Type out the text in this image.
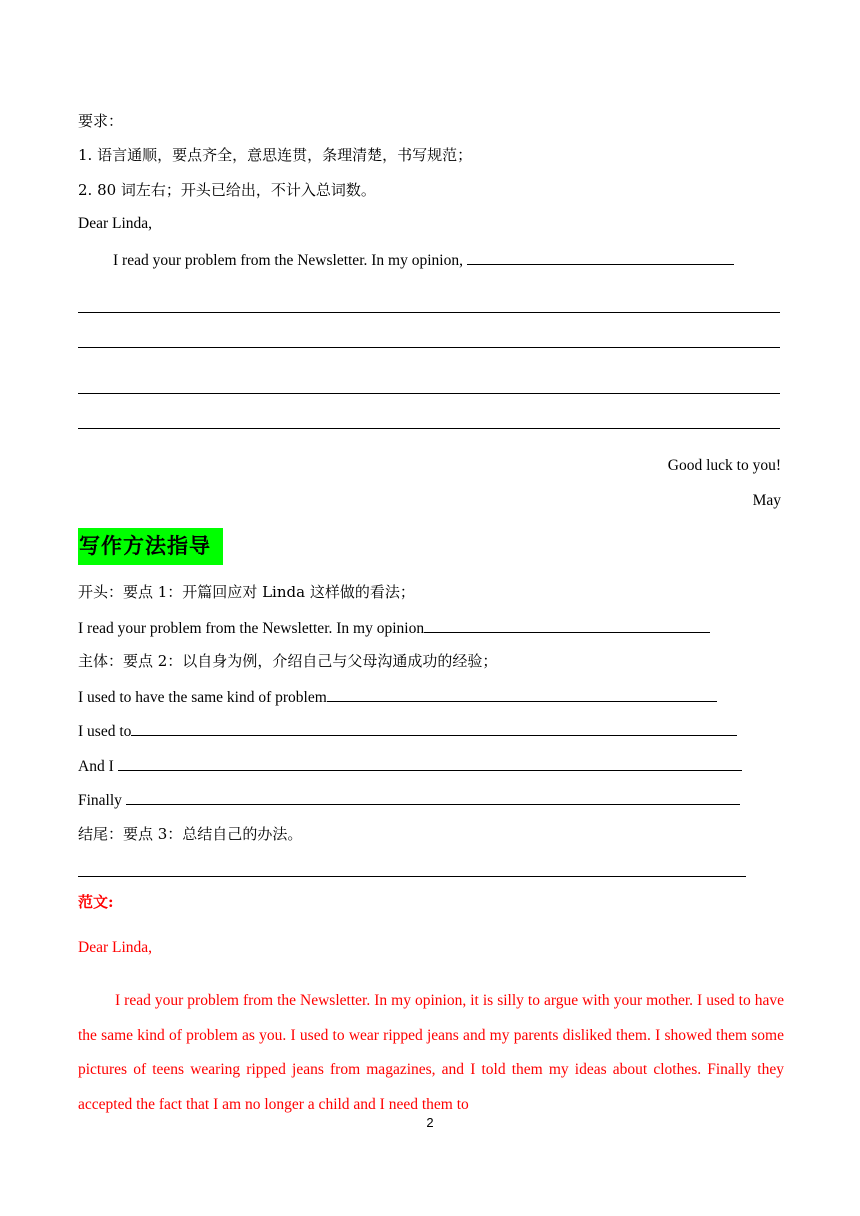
要求：
1. 语言通顺，要点齐全，意思连贯，条理清楚，书写规范；
2. 80 词左右；开头已给出，不计入总词数。
Dear Linda,
I read your problem from the Newsletter. In my opinion,
Good luck to you!
May
写作方法指导
开头：要点 1：开篇回应对 Linda 这样做的看法；
I read your problem from the Newsletter. In my opinion
主体：要点 2：以自身为例，介绍自己与父母沟通成功的经验；
I used to have the same kind of problem
I used to
And I
Finally
结尾：要点 3：总结自己的办法。
范文:
Dear Linda,
I read your problem from the Newsletter. In my opinion, it is silly to argue with your mother. I used to have the same kind of problem as you. I used to wear ripped jeans and my parents disliked them. I showed them some pictures of teens wearing ripped jeans from magazines, and I told them my ideas about clothes. Finally they accepted the fact that I am no longer a child and I need them to
2
